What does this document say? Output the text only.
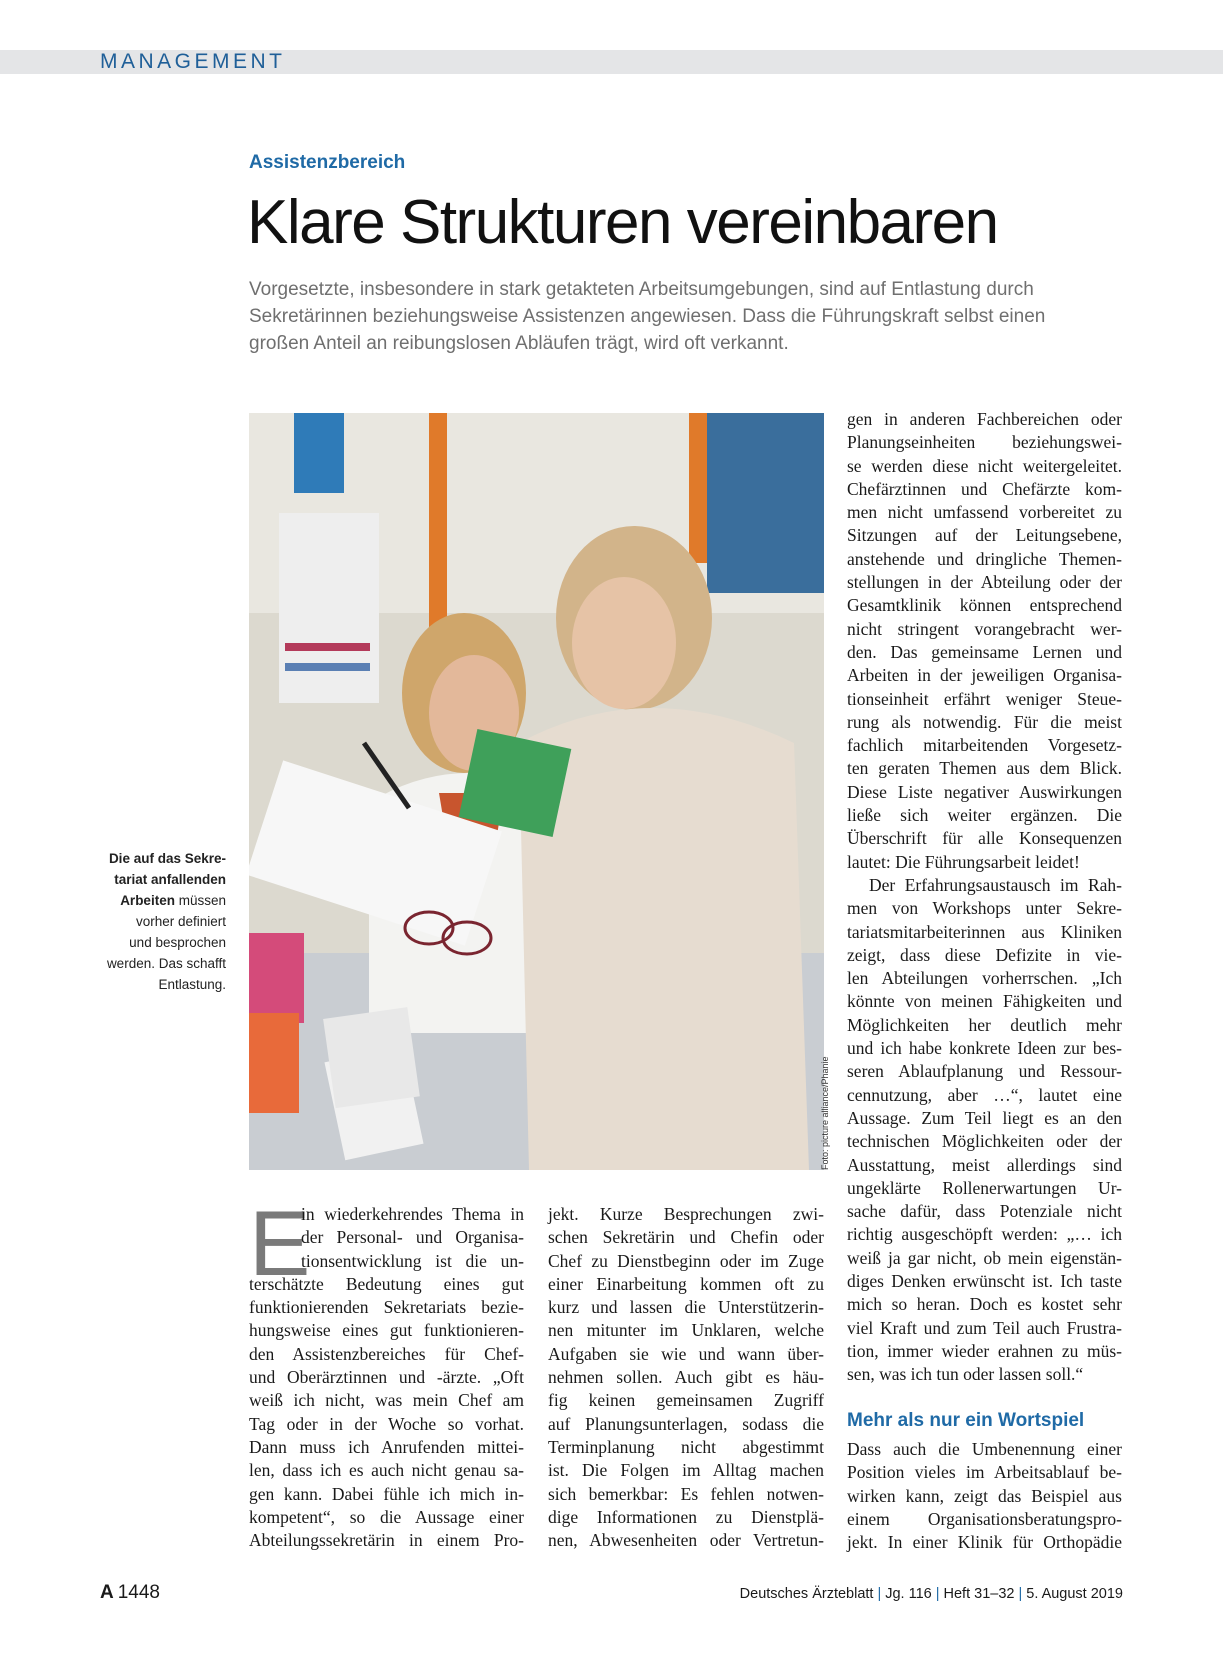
MANAGEMENT
Assistenzbereich
Klare Strukturen vereinbaren
Vorgesetzte, insbesondere in stark getakteten Arbeitsumgebungen, sind auf Entlastung durch
Sekretärinnen beziehungsweise Assistenzen angewiesen. Dass die Führungskraft selbst einen
großen Anteil an reibungslosen Abläufen trägt, wird oft verkannt.
Foto: picture alliance/Phanie

Die auf das Sekre-
tariat anfallenden
Arbeiten müssen
vorher definiert
und besprochen
werden. Das schafft
Entlastung.

E
in wiederkehrendes Thema in
der Personal- und Organisa-
tionsentwicklung ist die un-
terschätzte Bedeutung eines gut
funktionierenden Sekretariats bezie-
hungsweise eines gut funktionieren-
den Assistenzbereiches für Chef-
und Oberärztinnen und -ärzte. „Oft
weiß ich nicht, was mein Chef am
Tag oder in der Woche so vorhat.
Dann muss ich Anrufenden mittei-
len, dass ich es auch nicht genau sa-
gen kann. Dabei fühle ich mich in-
kompetent“, so die Aussage einer
Abteilungssekretärin in einem Pro-
jekt. Kurze Besprechungen zwi-
schen Sekretärin und Chefin oder
Chef zu Dienstbeginn oder im Zuge
einer Einarbeitung kommen oft zu
kurz und lassen die Unterstützerin-
nen mitunter im Unklaren, welche
Aufgaben sie wie und wann über-
nehmen sollen. Auch gibt es häu-
fig keinen gemeinsamen Zugriff
auf Planungsunterlagen, sodass die
Terminplanung nicht abgestimmt
ist. Die Folgen im Alltag machen
sich bemerkbar: Es fehlen notwen-
dige Informationen zu Dienstplä-
nen, Abwesenheiten oder Vertretun-
gen in anderen Fachbereichen oder
Planungseinheiten beziehungswei-
se werden diese nicht weitergeleitet.
Chefärztinnen und Chefärzte kom-
men nicht umfassend vorbereitet zu
Sitzungen auf der Leitungsebene,
anstehende und dringliche Themen-
stellungen in der Abteilung oder der
Gesamtklinik können entsprechend
nicht stringent vorangebracht wer-
den. Das gemeinsame Lernen und
Arbeiten in der jeweiligen Organisa-
tionseinheit erfährt weniger Steue-
rung als notwendig. Für die meist
fachlich mitarbeitenden Vorgesetz-
ten geraten Themen aus dem Blick.
Diese Liste negativer Auswirkungen
ließe sich weiter ergänzen. Die
Überschrift für alle Konsequenzen
lautet: Die Führungsarbeit leidet!
Der Erfahrungsaustausch im Rah-
men von Workshops unter Sekre-
tariatsmitarbeiterinnen aus Kliniken
zeigt, dass diese Defizite in vie-
len Abteilungen vorherrschen. „Ich
könnte von meinen Fähigkeiten und
Möglichkeiten her deutlich mehr
und ich habe konkrete Ideen zur bes-
seren Ablaufplanung und Ressour-
cennutzung, aber …“, lautet eine
Aussage. Zum Teil liegt es an den
technischen Möglichkeiten oder der
Ausstattung, meist allerdings sind
ungeklärte Rollenerwartungen Ur-
sache dafür, dass Potenziale nicht
richtig ausgeschöpft werden: „… ich
weiß ja gar nicht, ob mein eigenstän-
diges Denken erwünscht ist. Ich taste
mich so heran. Doch es kostet sehr
viel Kraft und zum Teil auch Frustra-
tion, immer wieder erahnen zu müs-
sen, was ich tun oder lassen soll.“
Mehr als nur ein Wortspiel
Dass auch die Umbenennung einer
Position vieles im Arbeitsablauf be-
wirken kann, zeigt das Beispiel aus
einem Organisationsberatungspro-
jekt. In einer Klinik für Orthopädie
A 1448	Deutsches Ärzteblatt | Jg. 116 | Heft 31–32 | 5. August 2019
